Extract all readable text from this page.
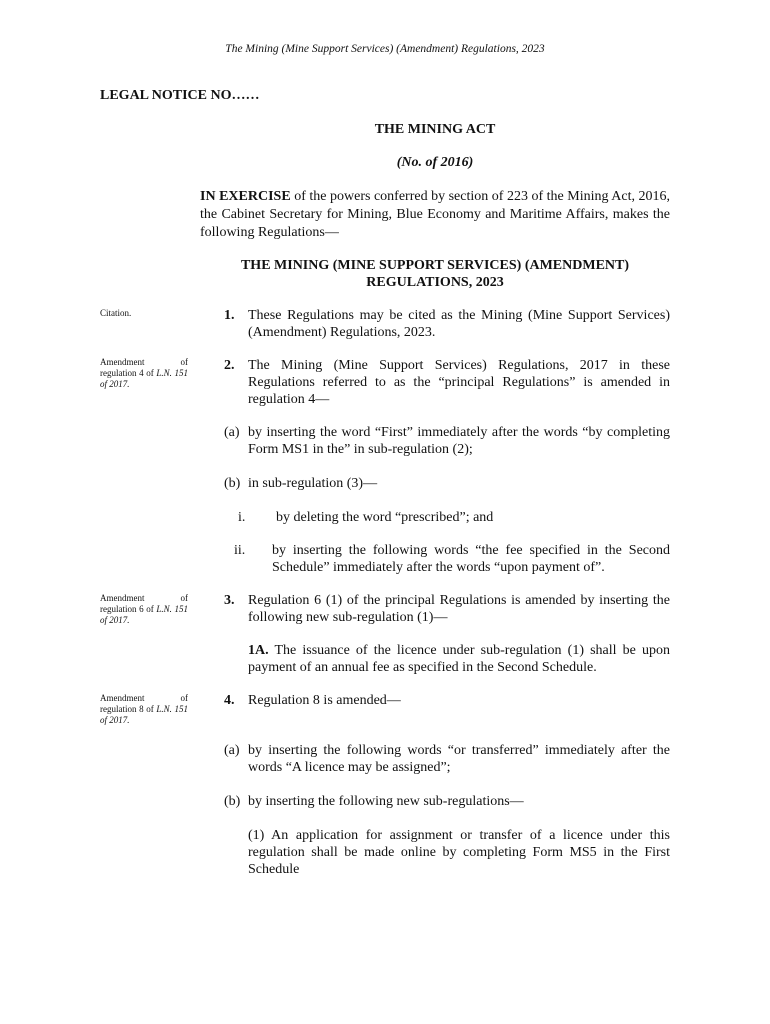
The Mining (Mine Support Services) (Amendment) Regulations, 2023
LEGAL NOTICE NO……
THE MINING ACT
(No. of 2016)
IN EXERCISE of the powers conferred by section of 223 of the Mining Act, 2016, the Cabinet Secretary for Mining, Blue Economy and Maritime Affairs, makes the following Regulations—
THE MINING (MINE SUPPORT SERVICES) (AMENDMENT) REGULATIONS, 2023
Citation.
Amendment of regulation 4 of L.N. 151 of 2017.
Amendment of regulation 6 of L.N. 151 of 2017.
Amendment of regulation 8 of L.N. 151 of 2017.
1. These Regulations may be cited as the Mining (Mine Support Services) (Amendment) Regulations, 2023.
2. The Mining (Mine Support Services) Regulations, 2017 in these Regulations referred to as the “principal Regulations” is amended in regulation 4—
(a) by inserting the word “First” immediately after the words “by completing Form MS1 in the” in sub-regulation (2);
(b) in sub-regulation (3)—
i.	by deleting the word “prescribed”; and
ii.	by inserting the following words “the fee specified in the Second Schedule” immediately after the words “upon payment of”.
3. Regulation 6 (1) of the principal Regulations is amended by inserting the following new sub-regulation (1)—
1A. The issuance of the licence under sub-regulation (1) shall be upon payment of an annual fee as specified in the Second Schedule.
4. Regulation 8 is amended—
(a) by inserting the following words “or transferred” immediately after the words “A licence may be assigned”;
(b) by inserting the following new sub-regulations—
(1) An application for assignment or transfer of a licence under this regulation shall be made online by completing Form MS5 in the First Schedule
